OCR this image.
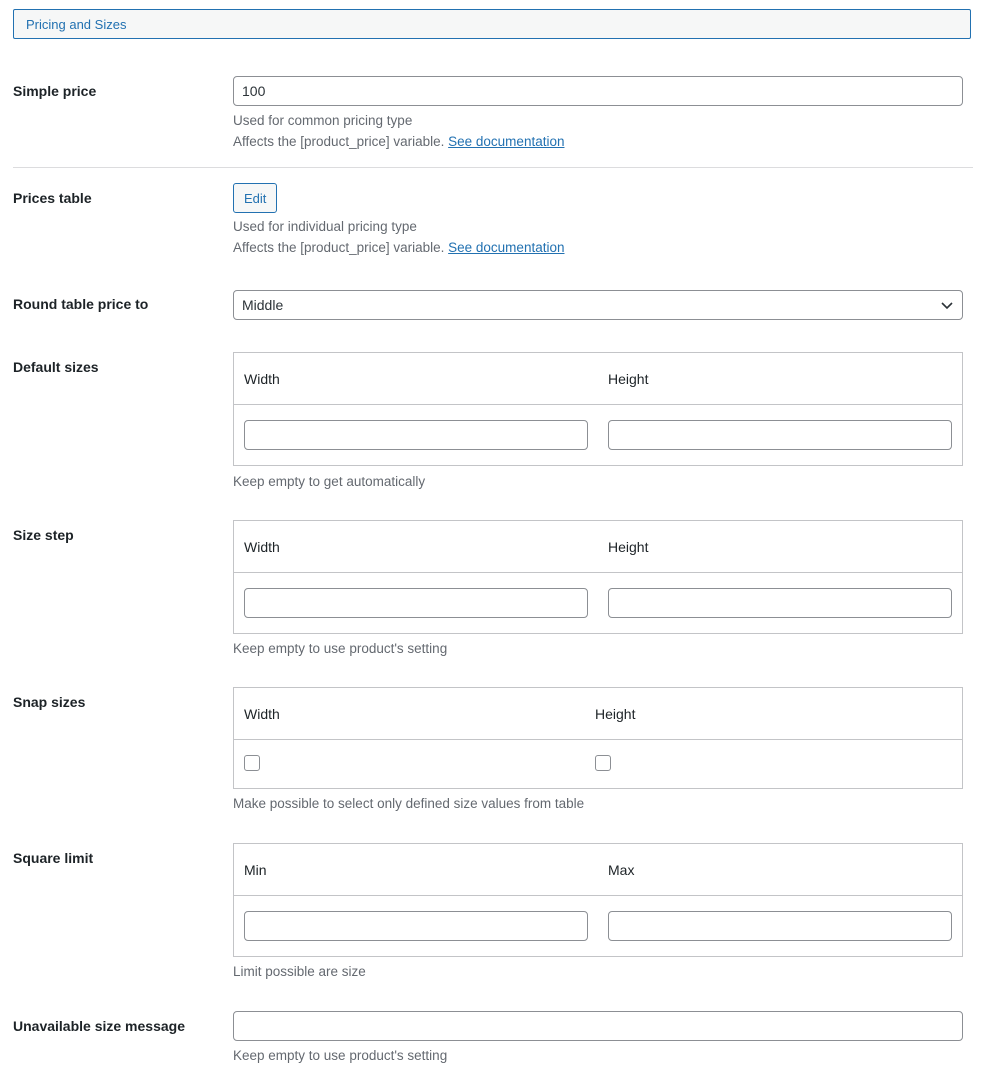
Pricing and Sizes
Simple price
100
Used for common pricing type
Affects the [product_price] variable. See documentation
Prices table	Edit
Used for individual pricing type
Affects the [product_price] variable. See documentation
Round table price to	Middle
Default sizes
Width	Height
Keep empty to get automatically
Size step
Width	Height
Keep empty to use product's setting
Snap sizes
Width	Height
Make possible to select only defined size values from table
Square limit
Min	Max
Limit possible are size
Unavailable size message
Keep empty to use product's setting
